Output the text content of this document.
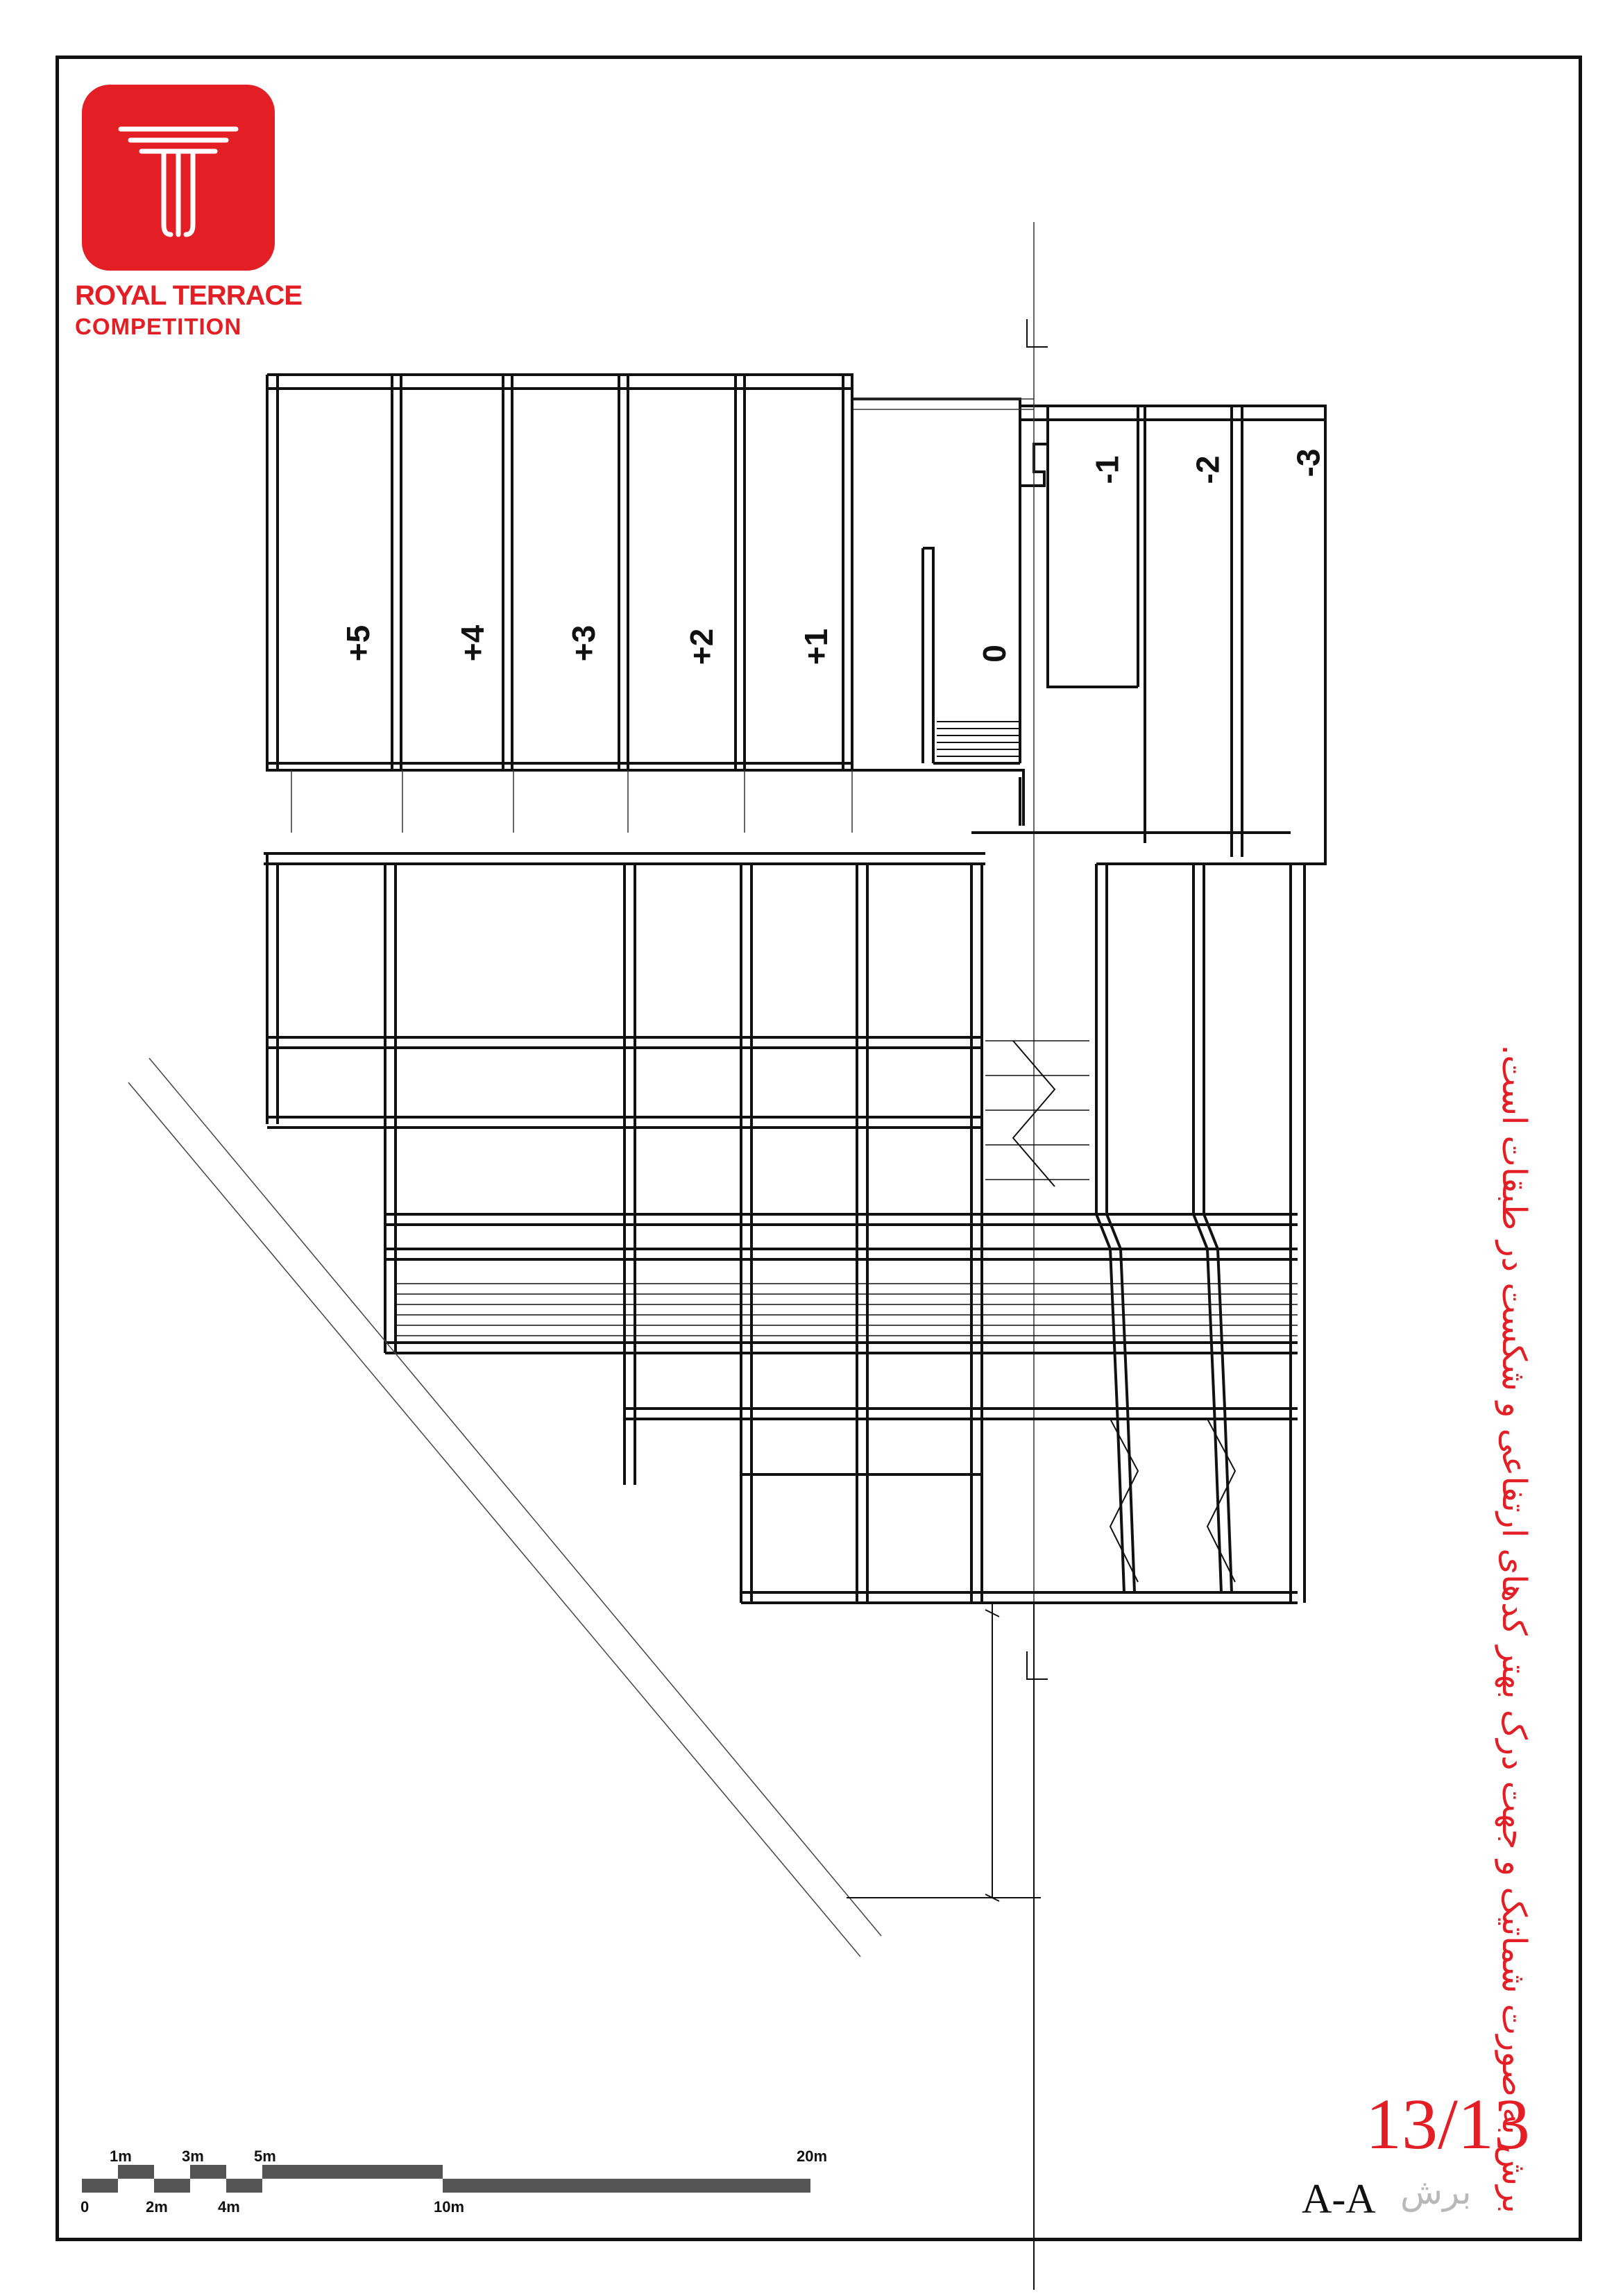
ROYAL TERRACE
COMPETITION
+5 +4 +3	+2 +1	0
-1 -2 -3
1m	3m	5m	20m
0	2m	4m	10m
13/13
A-A برش برش به صورت شماتیک و جهت درک بهتر کدهای ارتفاعی و شکست در طبقات است.
